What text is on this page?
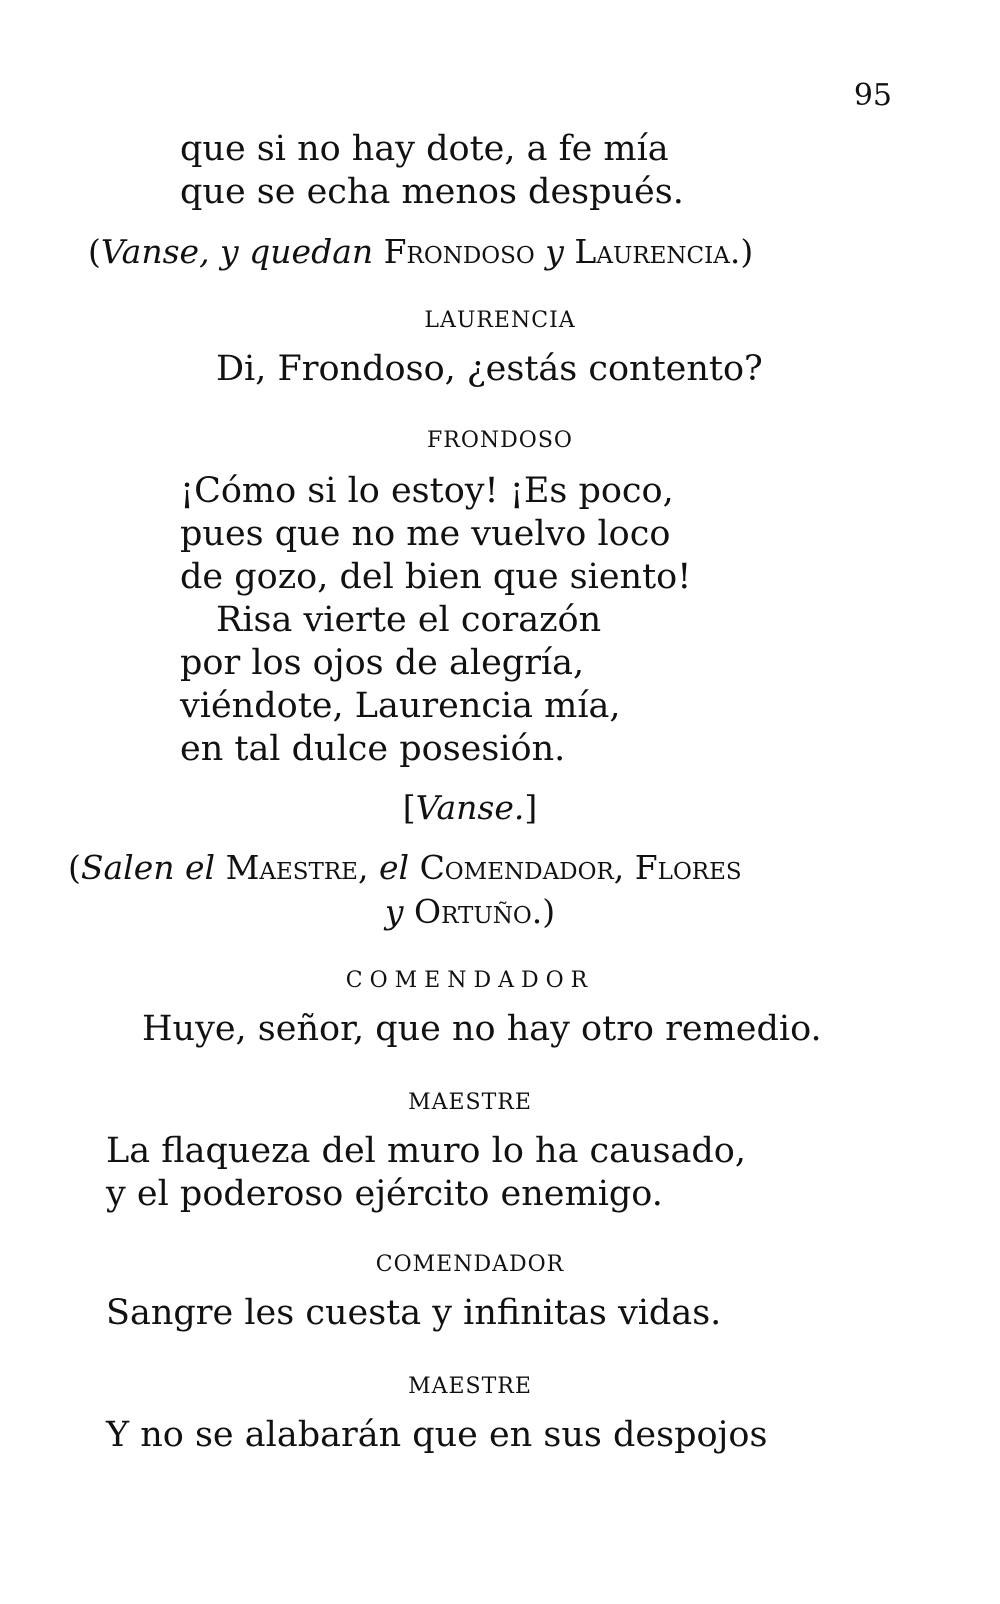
95

que si no hay dote, a fe mía

que se echa menos después.

(Vanse, y quedan Frondoso y Laurencia.)

LAURENCIA

Di, Frondoso, ¿estás contento?

FRONDOSO

¡Cómo si lo estoy! ¡Es poco,

pues que no me vuelvo loco

de gozo, del bien que siento!

Risa vierte el corazón

por los ojos de alegría,

viéndote, Laurencia mía,

en tal dulce posesión.

[Vanse.]

(Salen el Maestre, el Comendador, Flores

y Ortuño.)

COMENDADOR

Huye, señor, que no hay otro remedio.

MAESTRE

La flaqueza del muro lo ha causado,

y el poderoso ejército enemigo.

COMENDADOR

Sangre les cuesta y infinitas vidas.

MAESTRE

Y no se alabarán que en sus despojos
